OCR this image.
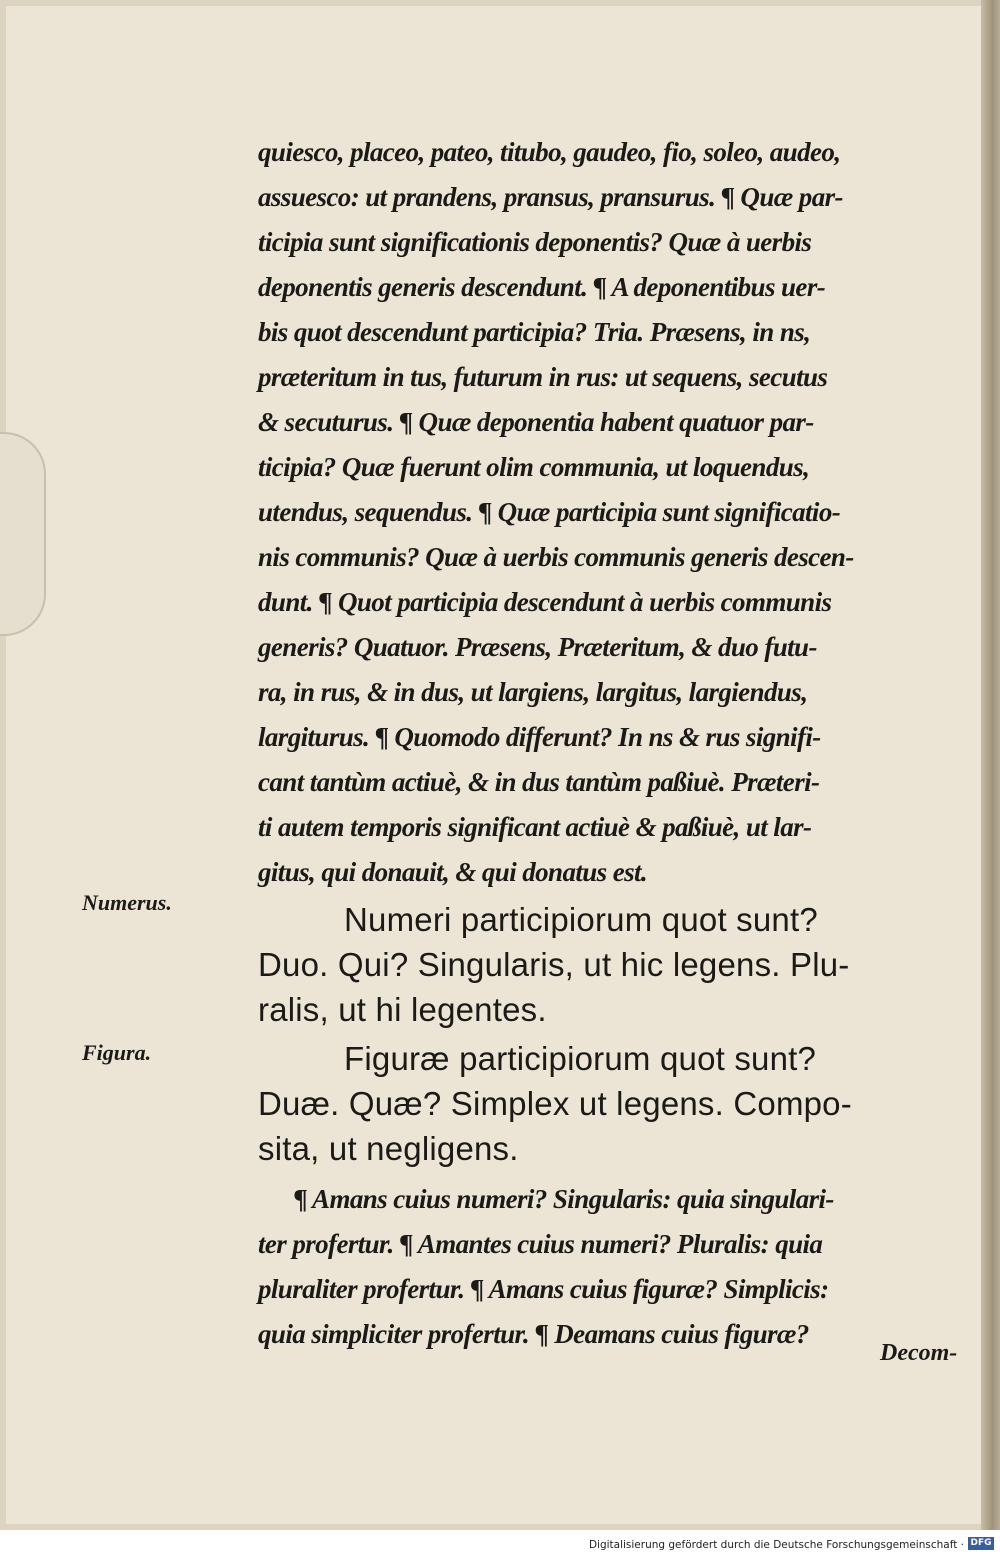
quiesco, placeo, pateo, titubo, gaudeo, fio, soleo, audeo,
assuesco: ut prandens, pransus, pransurus. ¶ Quæ par-
ticipia sunt significationis deponentis? Quæ à uerbis
deponentis generis descendunt. ¶ A deponentibus uer-
bis quot descendunt participia? Tria. Præsens, in ns,
præteritum in tus, futurum in rus: ut sequens, secutus
& secuturus. ¶ Quæ deponentia habent quatuor par-
ticipia? Quæ fuerunt olim communia, ut loquendus,
utendus, sequendus. ¶ Quæ participia sunt significatio-
nis communis? Quæ à uerbis communis generis descen-
dunt. ¶ Quot participia descendunt à uerbis communis
generis? Quatuor. Præsens, Præteritum, & duo futu-
ra, in rus, & in dus, ut largiens, largitus, largiendus,
largiturus. ¶ Quomodo differunt? In ns & rus signifi-
cant tantùm actiuè, & in dus tantùm paßiuè. Præteri-
ti autem temporis significant actiuè & paßiuè, ut lar-
gitus, qui donauit, & qui donatus est.

Numeri participiorum quot sunt?
Duo. Qui? Singularis, ut hic legens. Plu-
ralis, ut hi legentes.

Figuræ participiorum quot sunt?
Duæ. Quæ? Simplex ut legens. Compo-
sita, ut negligens.

¶ Amans cuius numeri? Singularis: quia singulari-
ter profertur. ¶ Amantes cuius numeri? Pluralis: quia
pluraliter profertur. ¶ Amans cuius figuræ? Simplicis:
quia simpliciter profertur. ¶ Deamans cuius figuræ?

Numerus.
Figura.
Decom-
Digitalisierung gefördert durch die Deutsche Forschungsgemeinschaft · DFG
